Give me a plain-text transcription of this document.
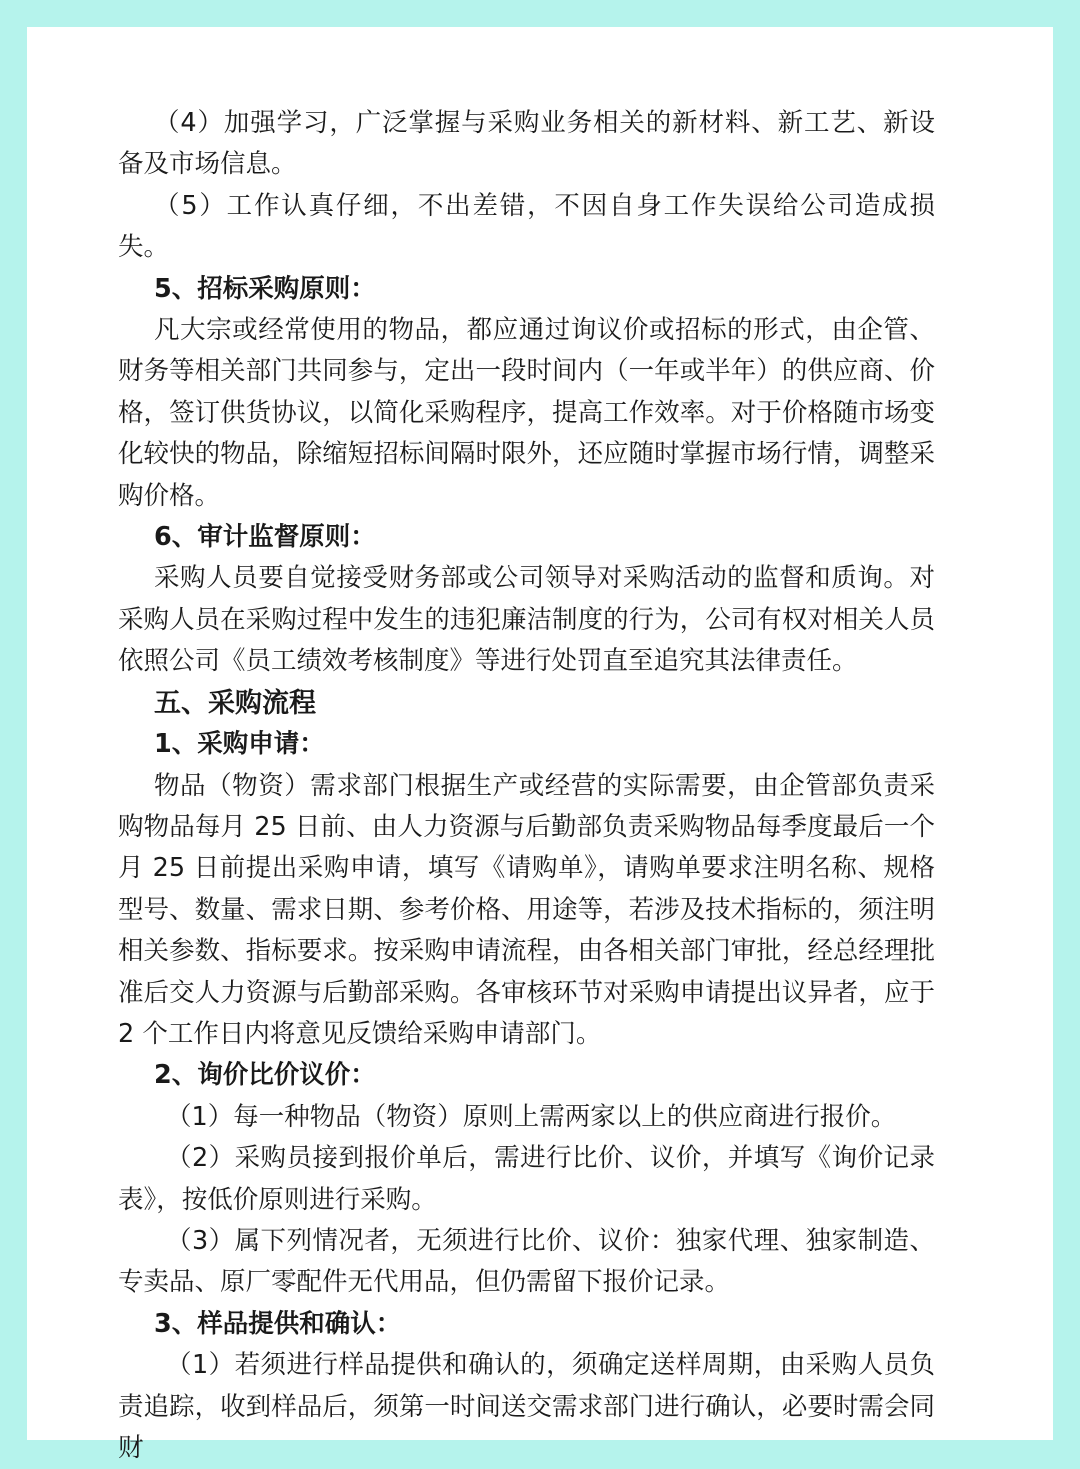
（4）加强学习，广泛掌握与采购业务相关的新材料、新工艺、新设备及市场信息。

（5）工作认真仔细，不出差错，不因自身工作失误给公司造成损失。

5、招标采购原则：

凡大宗或经常使用的物品，都应通过询议价或招标的形式，由企管、财务等相关部门共同参与，定出一段时间内（一年或半年）的供应商、价格，签订供货协议，以简化采购程序，提高工作效率。对于价格随市场变化较快的物品，除缩短招标间隔时限外，还应随时掌握市场行情，调整采购价格。

6、审计监督原则：

采购人员要自觉接受财务部或公司领导对采购活动的监督和质询。对采购人员在采购过程中发生的违犯廉洁制度的行为，公司有权对相关人员依照公司《员工绩效考核制度》等进行处罚直至追究其法律责任。

五、采购流程

1、采购申请：

物品（物资）需求部门根据生产或经营的实际需要，由企管部负责采购物品每月 25 日前、由人力资源与后勤部负责采购物品每季度最后一个月 25 日前提出采购申请，填写《请购单》，请购单要求注明名称、规格型号、数量、需求日期、参考价格、用途等，若涉及技术指标的，须注明相关参数、指标要求。按采购申请流程，由各相关部门审批，经总经理批准后交人力资源与后勤部采购。各审核环节对采购申请提出议异者，应于 2 个工作日内将意见反馈给采购申请部门。

2、询价比价议价：

（1）每一种物品（物资）原则上需两家以上的供应商进行报价。

（2）采购员接到报价单后，需进行比价、议价，并填写《询价记录表》，按低价原则进行采购。

（3）属下列情况者，无须进行比价、议价：独家代理、独家制造、专卖品、原厂零配件无代用品，但仍需留下报价记录。

3、样品提供和确认：

（1）若须进行样品提供和确认的，须确定送样周期，由采购人员负责追踪，收到样品后，须第一时间送交需求部门进行确认，必要时需会同财
